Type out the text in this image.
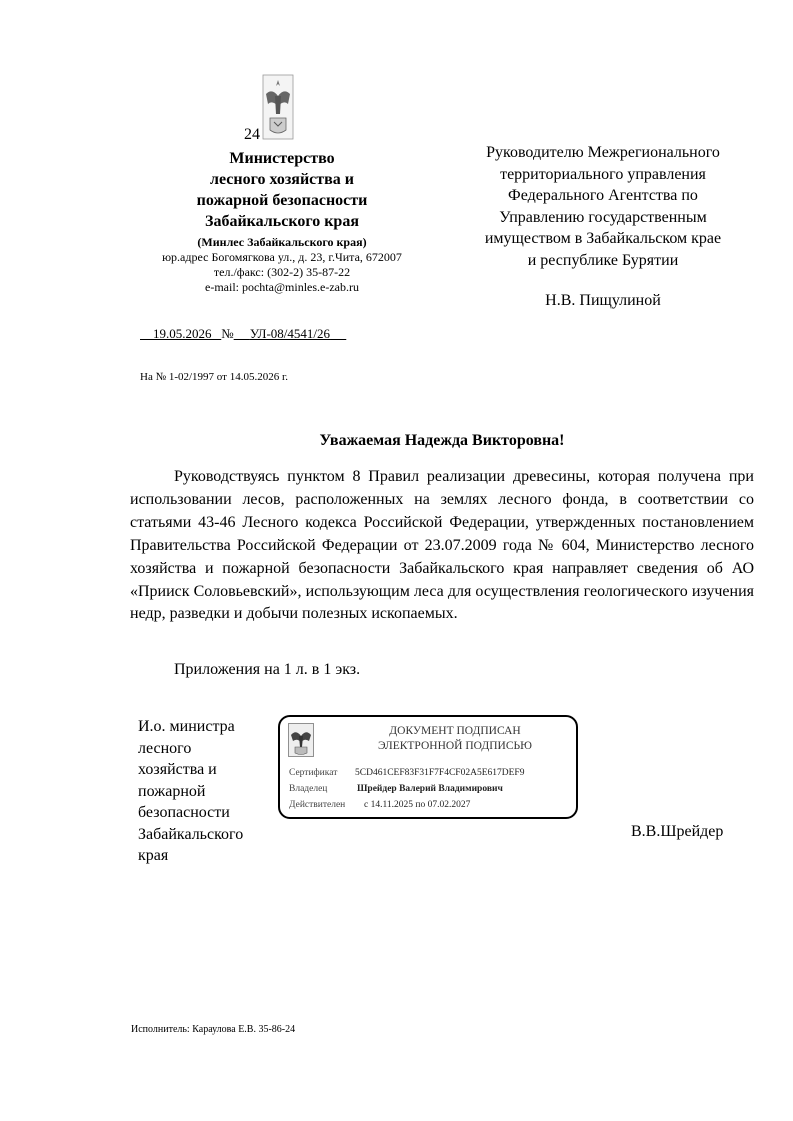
24
Министерство
лесного хозяйства и
пожарной безопасности
Забайкальского края
(Минлес Забайкальского края)
юр.адрес Богомягкова ул., д. 23, г.Чита, 672007
тел./факс: (302-2) 35-87-22
e-mail: pochta@minles.e-zab.ru
19.05.2026 № УЛ-08/4541/26
На № 1-02/1997 от 14.05.2026 г.
Руководителю Межрегионального
территориального управления
Федерального Агентства по
Управлению государственным
имуществом в Забайкальском крае
и республике Бурятии
Н.В. Пищулиной
Уважаемая Надежда Викторовна!

Руководствуясь пунктом 8 Правил реализации древесины, которая получена при использовании лесов, расположенных на землях лесного фонда, в соответствии со статьями 43-46 Лесного кодекса Российской Федерации, утвержденных постановлением Правительства Российской Федерации от 23.07.2009 года № 604, Министерство лесного хозяйства и пожарной безопасности Забайкальского края направляет сведения об АО «Прииск Соловьевский», использующим леса для осуществления геологического изучения недр, разведки и добычи полезных ископаемых.

Приложения на 1 л. в 1 экз.
И.о. министра
лесного
хозяйства и
пожарной
безопасности
Забайкальского
края
ДОКУМЕНТ ПОДПИСАН
ЭЛЕКТРОННОЙ ПОДПИСЬЮ
Сертификат 5CD461CEF83F31F7F4CF02A5E617DEF9
Владелец	Шрейдер Валерий Владимирович
Действителен с 14.11.2025 по 07.02.2027
В.В.Шрейдер
Исполнитель: Караулова Е.В. 35-86-24
